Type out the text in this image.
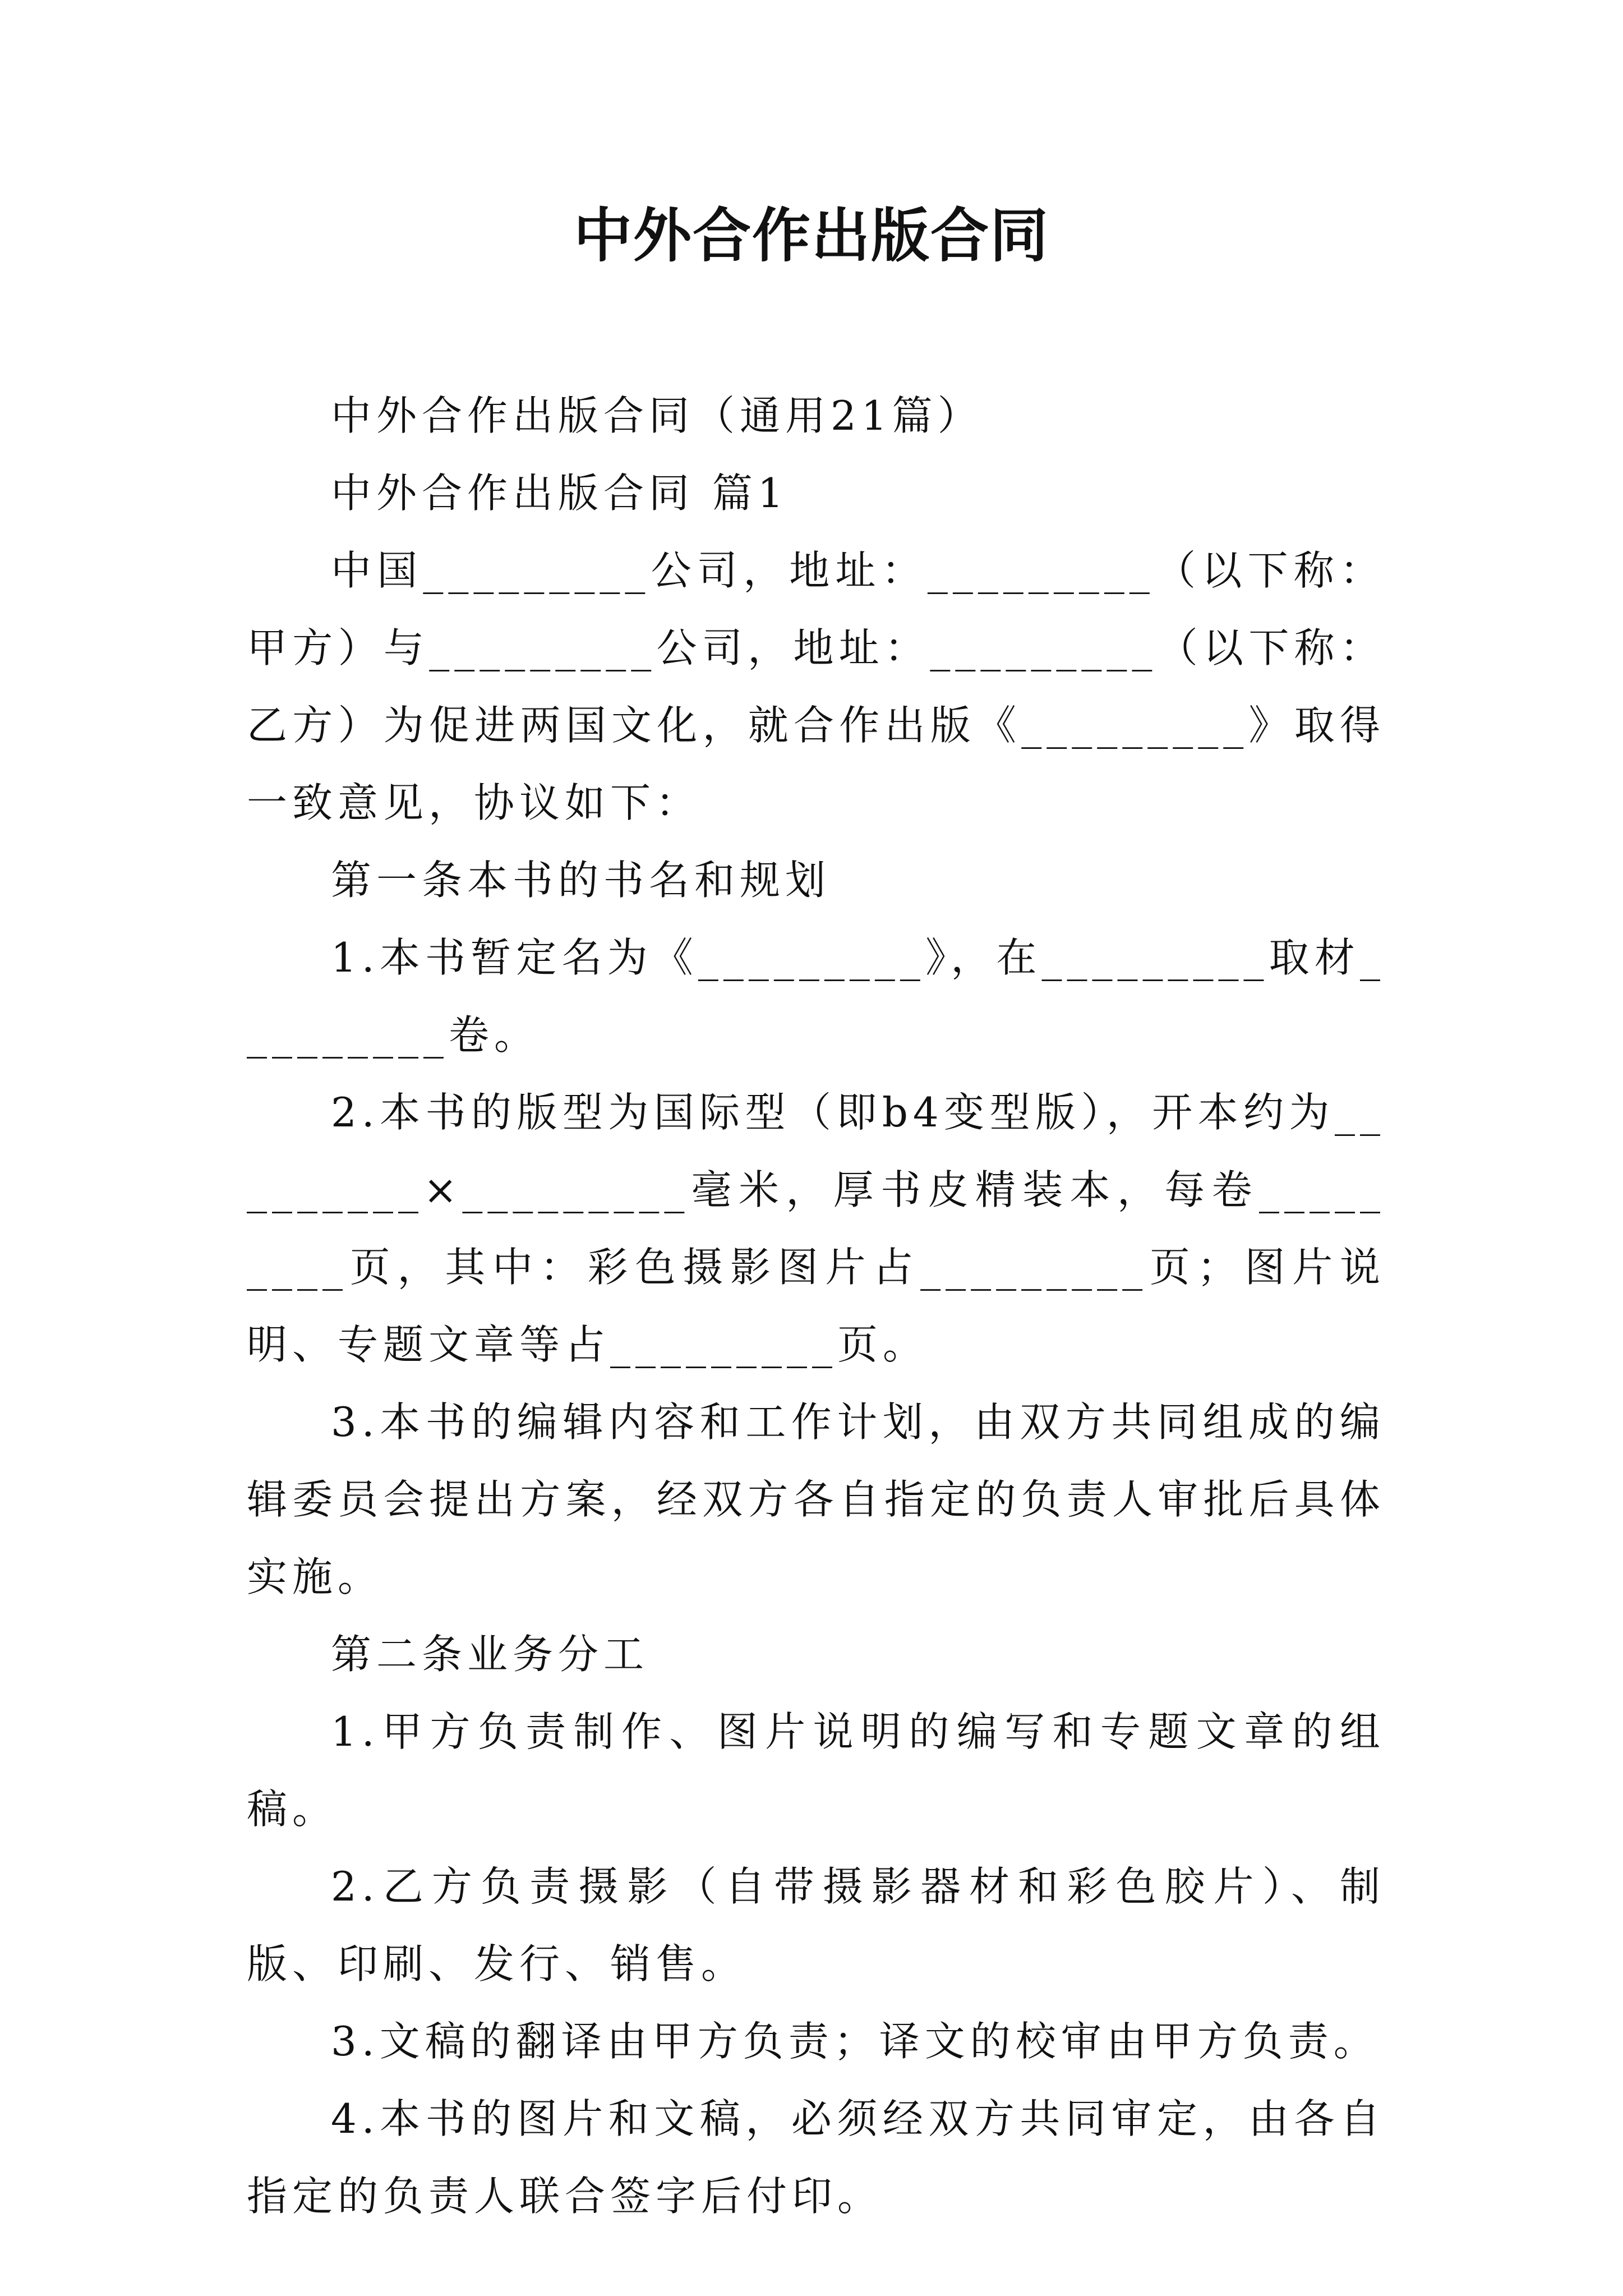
中外合作出版合同

中外合作出版合同（通用21篇）

中外合作出版合同 篇1

中国_________公司，地址：_________（以下称：甲方）与_________公司，地址：_________（以下称：乙方）为促进两国文化，就合作出版《_________》取得一致意见，协议如下：

第一条本书的书名和规划

1.本书暂定名为《_________》，在_________取材_________卷。

2.本书的版型为国际型（即b4变型版），开本约为_________×_________毫米，厚书皮精装本，每卷_________页，其中：彩色摄影图片占_________页；图片说明、专题文章等占_________页。

3.本书的编辑内容和工作计划，由双方共同组成的编辑委员会提出方案，经双方各自指定的负责人审批后具体实施。

第二条业务分工

1.甲方负责制作、图片说明的编写和专题文章的组稿。

2.乙方负责摄影（自带摄影器材和彩色胶片）、制版、印刷、发行、销售。

3.文稿的翻译由甲方负责；译文的校审由甲方负责。

4.本书的图片和文稿，必须经双方共同审定，由各自指定的负责人联合签字后付印。
